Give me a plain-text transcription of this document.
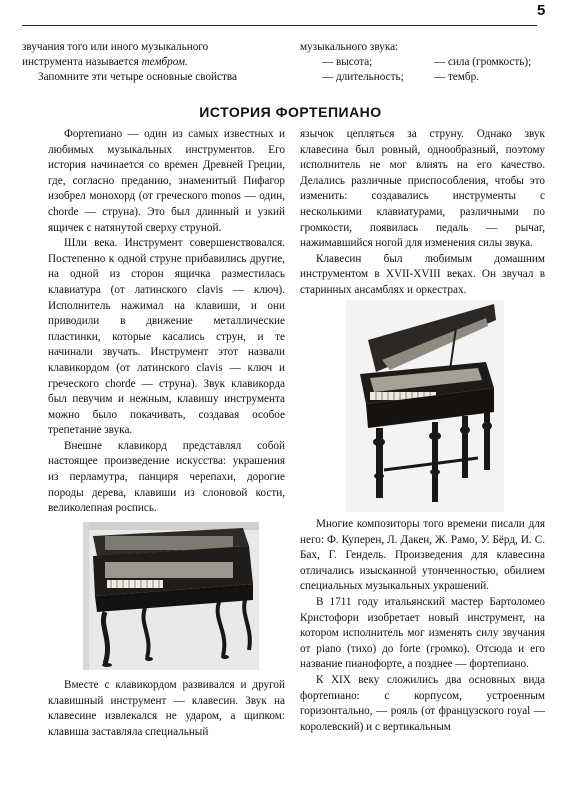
5
звучания того или иного музыкального
инструмента называется тембром.
Запомните эти четыре основные свойства
музыкального звука:
— высота;	— сила (громкость);
— длительность;	— тембр.
ИСТОРИЯ ФОРТЕПИАНО

Фортепиано — один из самых известных и любимых музыкальных инструментов. Его история начинается со времен Древней Греции, где, согласно преданию, знаменитый Пифагор изобрел монохорд (от греческого monos — один, chorde — струна). Это был длинный и узкий ящичек с натянутой сверху струной.

Шли века. Инструмент совершенствовался. Постепенно к одной струне прибавились другие, на одной из сторон ящичка разместилась клавиатура (от латинского clavis — ключ). Исполнитель нажимал на клавиши, и они приводили в движение металлические пластинки, которые касались струн, и те начинали звучать. Инструмент этот назвали клавикордом (от латинского clavis — ключ и греческого chorde — струна). Звук клавикорда был певучим и нежным, клавишу инструмента можно было покачивать, создавая особое трепетание звука.

Внешне клавикорд представлял собой настоящее произведение искусства: украшения из перламутра, панциря черепахи, дорогие породы дерева, клавиши из слоновой кости, великолепная роспись.

Вместе с клавикордом развивался и другой клавишный инструмент — клавесин. Звук на клавесине извлекался не ударом, а щипком: клавиша заставляла специальный

язычок цепляться за струну. Однако звук клавесина был ровный, однообразный, поэтому исполнитель не мог влиять на его качество. Делались различные приспособления, чтобы это изменить: создавались инструменты с несколькими клавиатурами, различными по громкости, появилась педаль — рычаг, нажимавшийся ногой для изменения силы звука.

Клавесин был любимым домашним инструментом в XVII-XVIII веках. Он звучал в старинных ансамблях и оркестрах.

Многие композиторы того времени писали для него: Ф. Куперен, Л. Дакен, Ж. Рамо, У. Бёрд, И. С. Бах, Г. Гендель. Произведения для клавесина отличались изысканной утонченностью, обилием специальных музыкальных украшений.

В 1711 году итальянский мастер Бартоломео Кристофори изобретает новый инструмент, на котором исполнитель мог изменять силу звучания от piano (тихо) до forte (громко). Отсюда и его название пианофорте, а позднее — фортепиано.

К XIX веку сложились два основных вида фортепиано: с корпусом, устроенным горизонтально, — рояль (от французского royal — королевский) и с вертикальным
